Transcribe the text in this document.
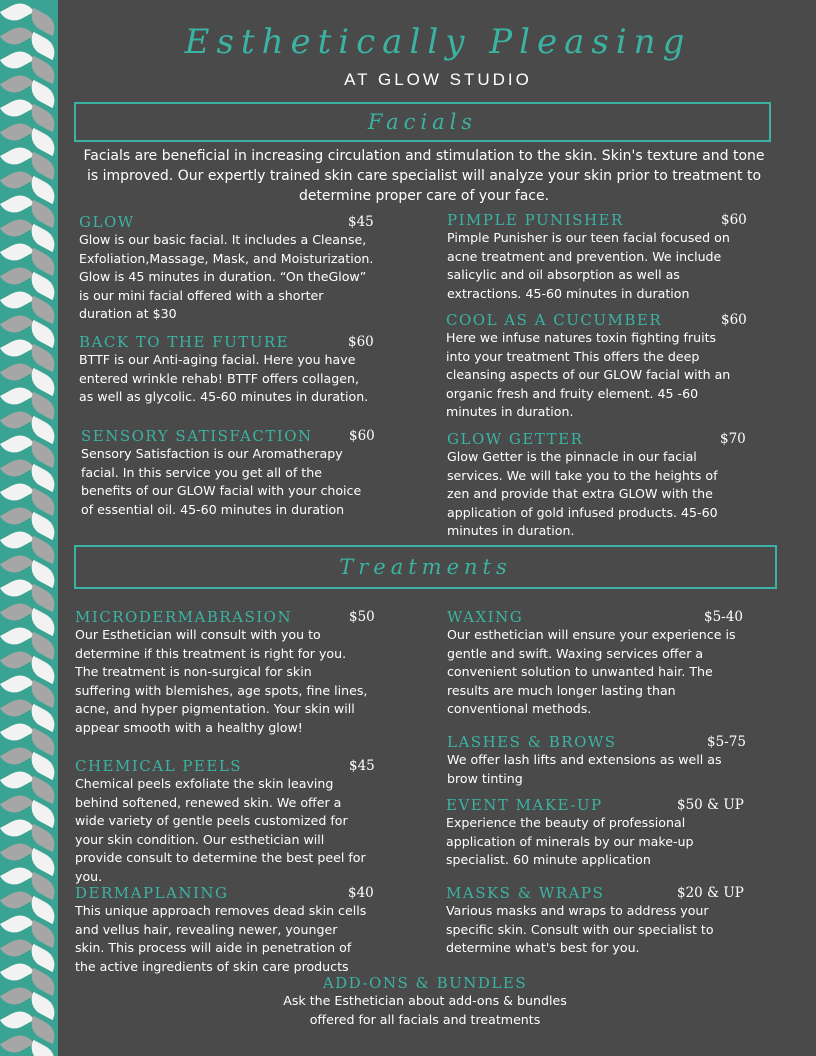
Esthetically Pleasing
AT GLOW STUDIO
Facials
Facials are beneficial in increasing circulation and stimulation to the skin. Skin's texture and tone is improved. Our expertly trained skin care specialist will analyze your skin prior to treatment to determine proper care of your face.
GLOW	$45
Glow is our basic facial. It includes a Cleanse, Exfoliation,Massage, Mask, and Moisturization. Glow is 45 minutes in duration. “On theGlow” is our mini facial offered with a shorter duration at $30
BACK TO THE FUTURE	$60
BTTF is our Anti-aging facial. Here you have entered wrinkle rehab! BTTF offers collagen, as well as glycolic. 45-60 minutes in duration.
SENSORY SATISFACTION	$60
Sensory Satisfaction is our Aromatherapy facial. In this service you get all of the benefits of our GLOW facial with your choice of essential oil. 45-60 minutes in duration
PIMPLE PUNISHER	$60
Pimple Punisher is our teen facial focused on acne treatment and prevention. We include salicylic and oil absorption as well as extractions. 45-60 minutes in duration
COOL AS A CUCUMBER	$60
Here we infuse natures toxin fighting fruits into your treatment This offers the deep cleansing aspects of our GLOW facial with an organic fresh and fruity element. 45 -60 minutes in duration.
GLOW GETTER	$70
Glow Getter is the pinnacle in our facial services. We will take you to the heights of zen and provide that extra GLOW with the application of gold infused products. 45-60 minutes in duration.
Treatments
MICRODERMABRASION	$50
Our Esthetician will consult with you to determine if this treatment is right for you. The treatment is non-surgical for skin suffering with blemishes, age spots, fine lines, acne, and hyper pigmentation. Your skin will appear smooth with a healthy glow!
CHEMICAL PEELS	$45
Chemical peels exfoliate the skin leaving behind softened, renewed skin. We offer a wide variety of gentle peels customized for your skin condition. Our esthetician will provide consult to determine the best peel for you.
DERMAPLANING	$40
This unique approach removes dead skin cells and vellus hair, revealing newer, younger skin. This process will aide in penetration of the active ingredients of skin care products
WAXING	$5-40
Our esthetician will ensure your experience is gentle and swift. Waxing services offer a convenient solution to unwanted hair. The results are much longer lasting than conventional methods.
LASHES & BROWS	$5-75
We offer lash lifts and extensions as well as brow tinting
EVENT MAKE-UP	$50 & UP
Experience the beauty of professional application of minerals by our make-up specialist. 60 minute application
MASKS & WRAPS	$20 & UP
Various masks and wraps to address your specific skin. Consult with our specialist to determine what's best for you.
ADD-ONS & BUNDLES
Ask the Esthetician about add-ons & bundles offered for all facials and treatments
